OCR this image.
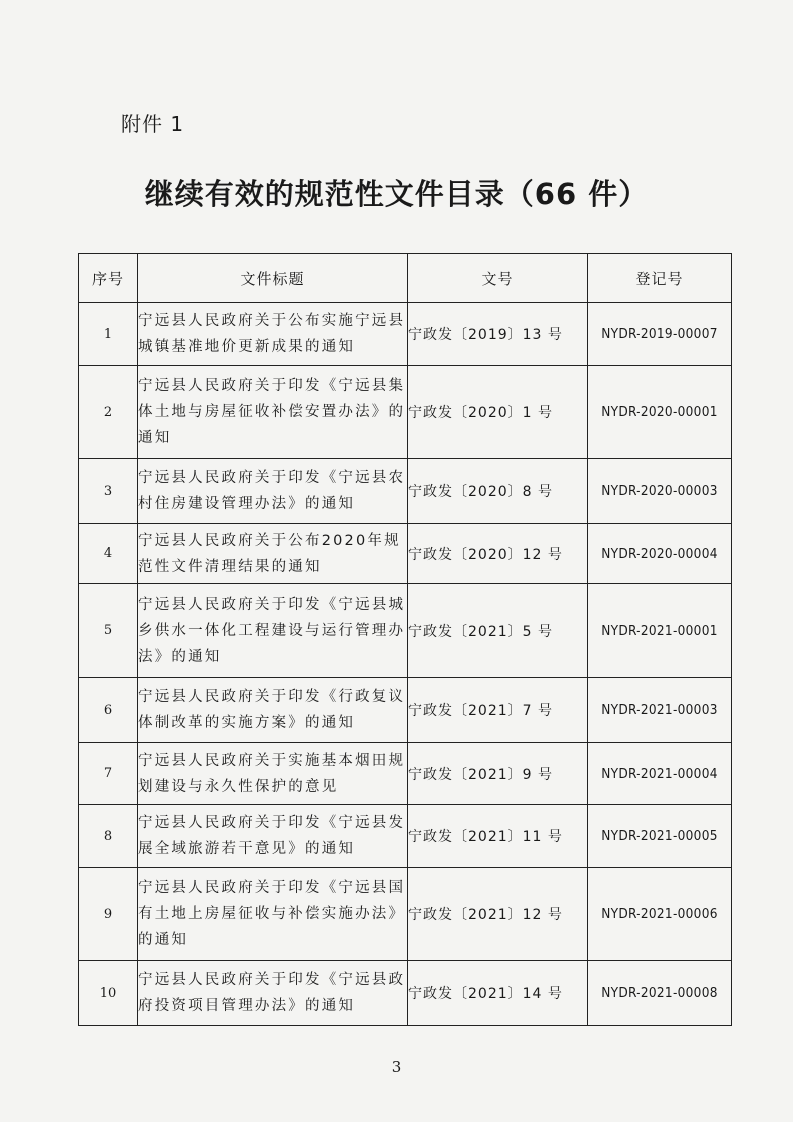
附件 1
继续有效的规范性文件目录（66 件）
序号	文件标题	文号	登记号
1	宁远县人民政府关于公布实施宁远县城镇基准地价更新成果的通知	宁政发〔2019〕13 号	NYDR-2019-00007
2	宁远县人民政府关于印发《宁远县集体土地与房屋征收补偿安置办法》的通知	宁政发〔2020〕1 号	NYDR-2020-00001
3	宁远县人民政府关于印发《宁远县农村住房建设管理办法》的通知	宁政发〔2020〕8 号	NYDR-2020-00003
4	宁远县人民政府关于公布2020年规范性文件清理结果的通知	宁政发〔2020〕12 号	NYDR-2020-00004
5	宁远县人民政府关于印发《宁远县城乡供水一体化工程建设与运行管理办法》的通知	宁政发〔2021〕5 号	NYDR-2021-00001
6	宁远县人民政府关于印发《行政复议体制改革的实施方案》的通知	宁政发〔2021〕7 号	NYDR-2021-00003
7	宁远县人民政府关于实施基本烟田规划建设与永久性保护的意见	宁政发〔2021〕9 号	NYDR-2021-00004
8	宁远县人民政府关于印发《宁远县发展全域旅游若干意见》的通知	宁政发〔2021〕11 号	NYDR-2021-00005
9	宁远县人民政府关于印发《宁远县国有土地上房屋征收与补偿实施办法》的通知	宁政发〔2021〕12 号	NYDR-2021-00006
10	宁远县人民政府关于印发《宁远县政府投资项目管理办法》的通知	宁政发〔2021〕14 号	NYDR-2021-00008
3
